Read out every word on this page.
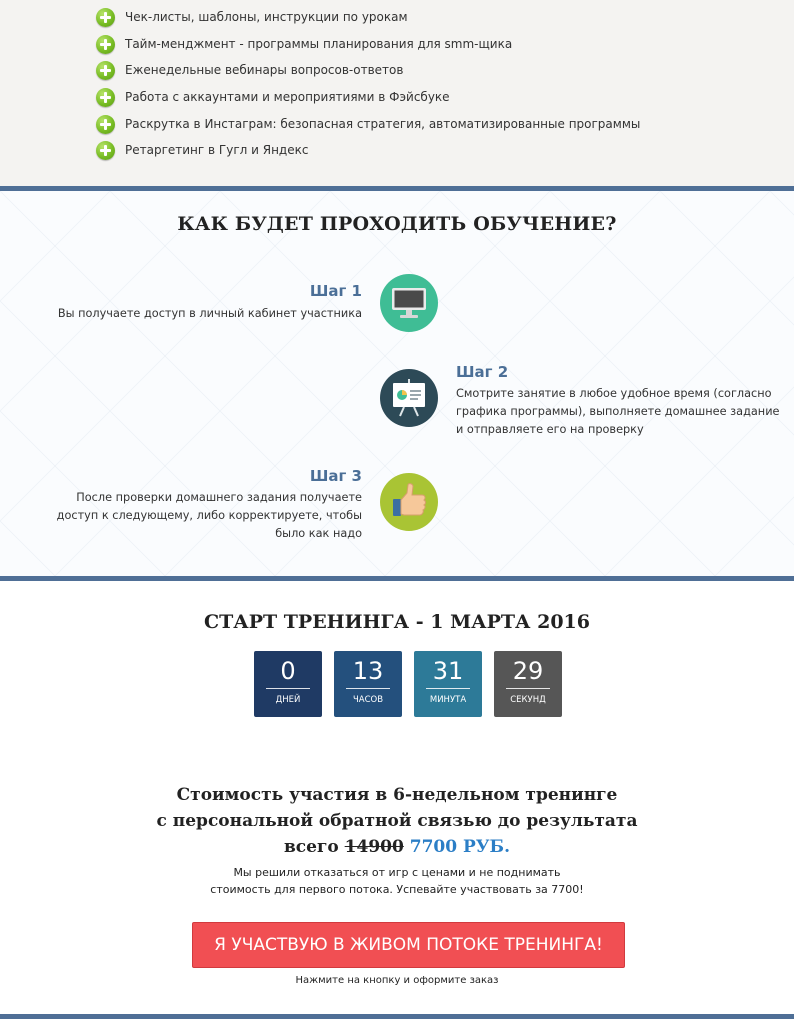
Чек-листы, шаблоны, инструкции по урокам
Тайм-менджмент - программы планирования для smm-щика
Еженедельные вебинары вопросов-ответов
Работа с аккаунтами и мероприятиями в Фэйсбуке
Раскрутка в Инстаграм: безопасная стратегия, автоматизированные программы
Ретаргетинг в Гугл и Яндекс
КАК БУДЕТ ПРОХОДИТЬ ОБУЧЕНИЕ?
Шаг 1
Вы получаете доступ в личный кабинет участника
Шаг 2
Смотрите занятие в любое удобное время (согласно графика программы), выполняете домашнее задание и отправляете его на проверку
Шаг 3
После проверки домашнего задания получаете доступ к следующему, либо корректируете, чтобы было как надо
СТАРТ ТРЕНИНГА - 1 МАРТА 2016
0
ДНЕЙ
13
ЧАСОВ
31
МИНУТА
29
СЕКУНД
Стоимость участия в 6-недельном тренинге
с персональной обратной связью до результата
всего 14900 7700 РУБ.
Мы решили отказаться от игр с ценами и не поднимать
стоимость для первого потока. Успевайте участвовать за 7700!
Я УЧАСТВУЮ В ЖИВОМ ПОТОКЕ ТРЕНИНГА!
Нажмите на кнопку и оформите заказ
